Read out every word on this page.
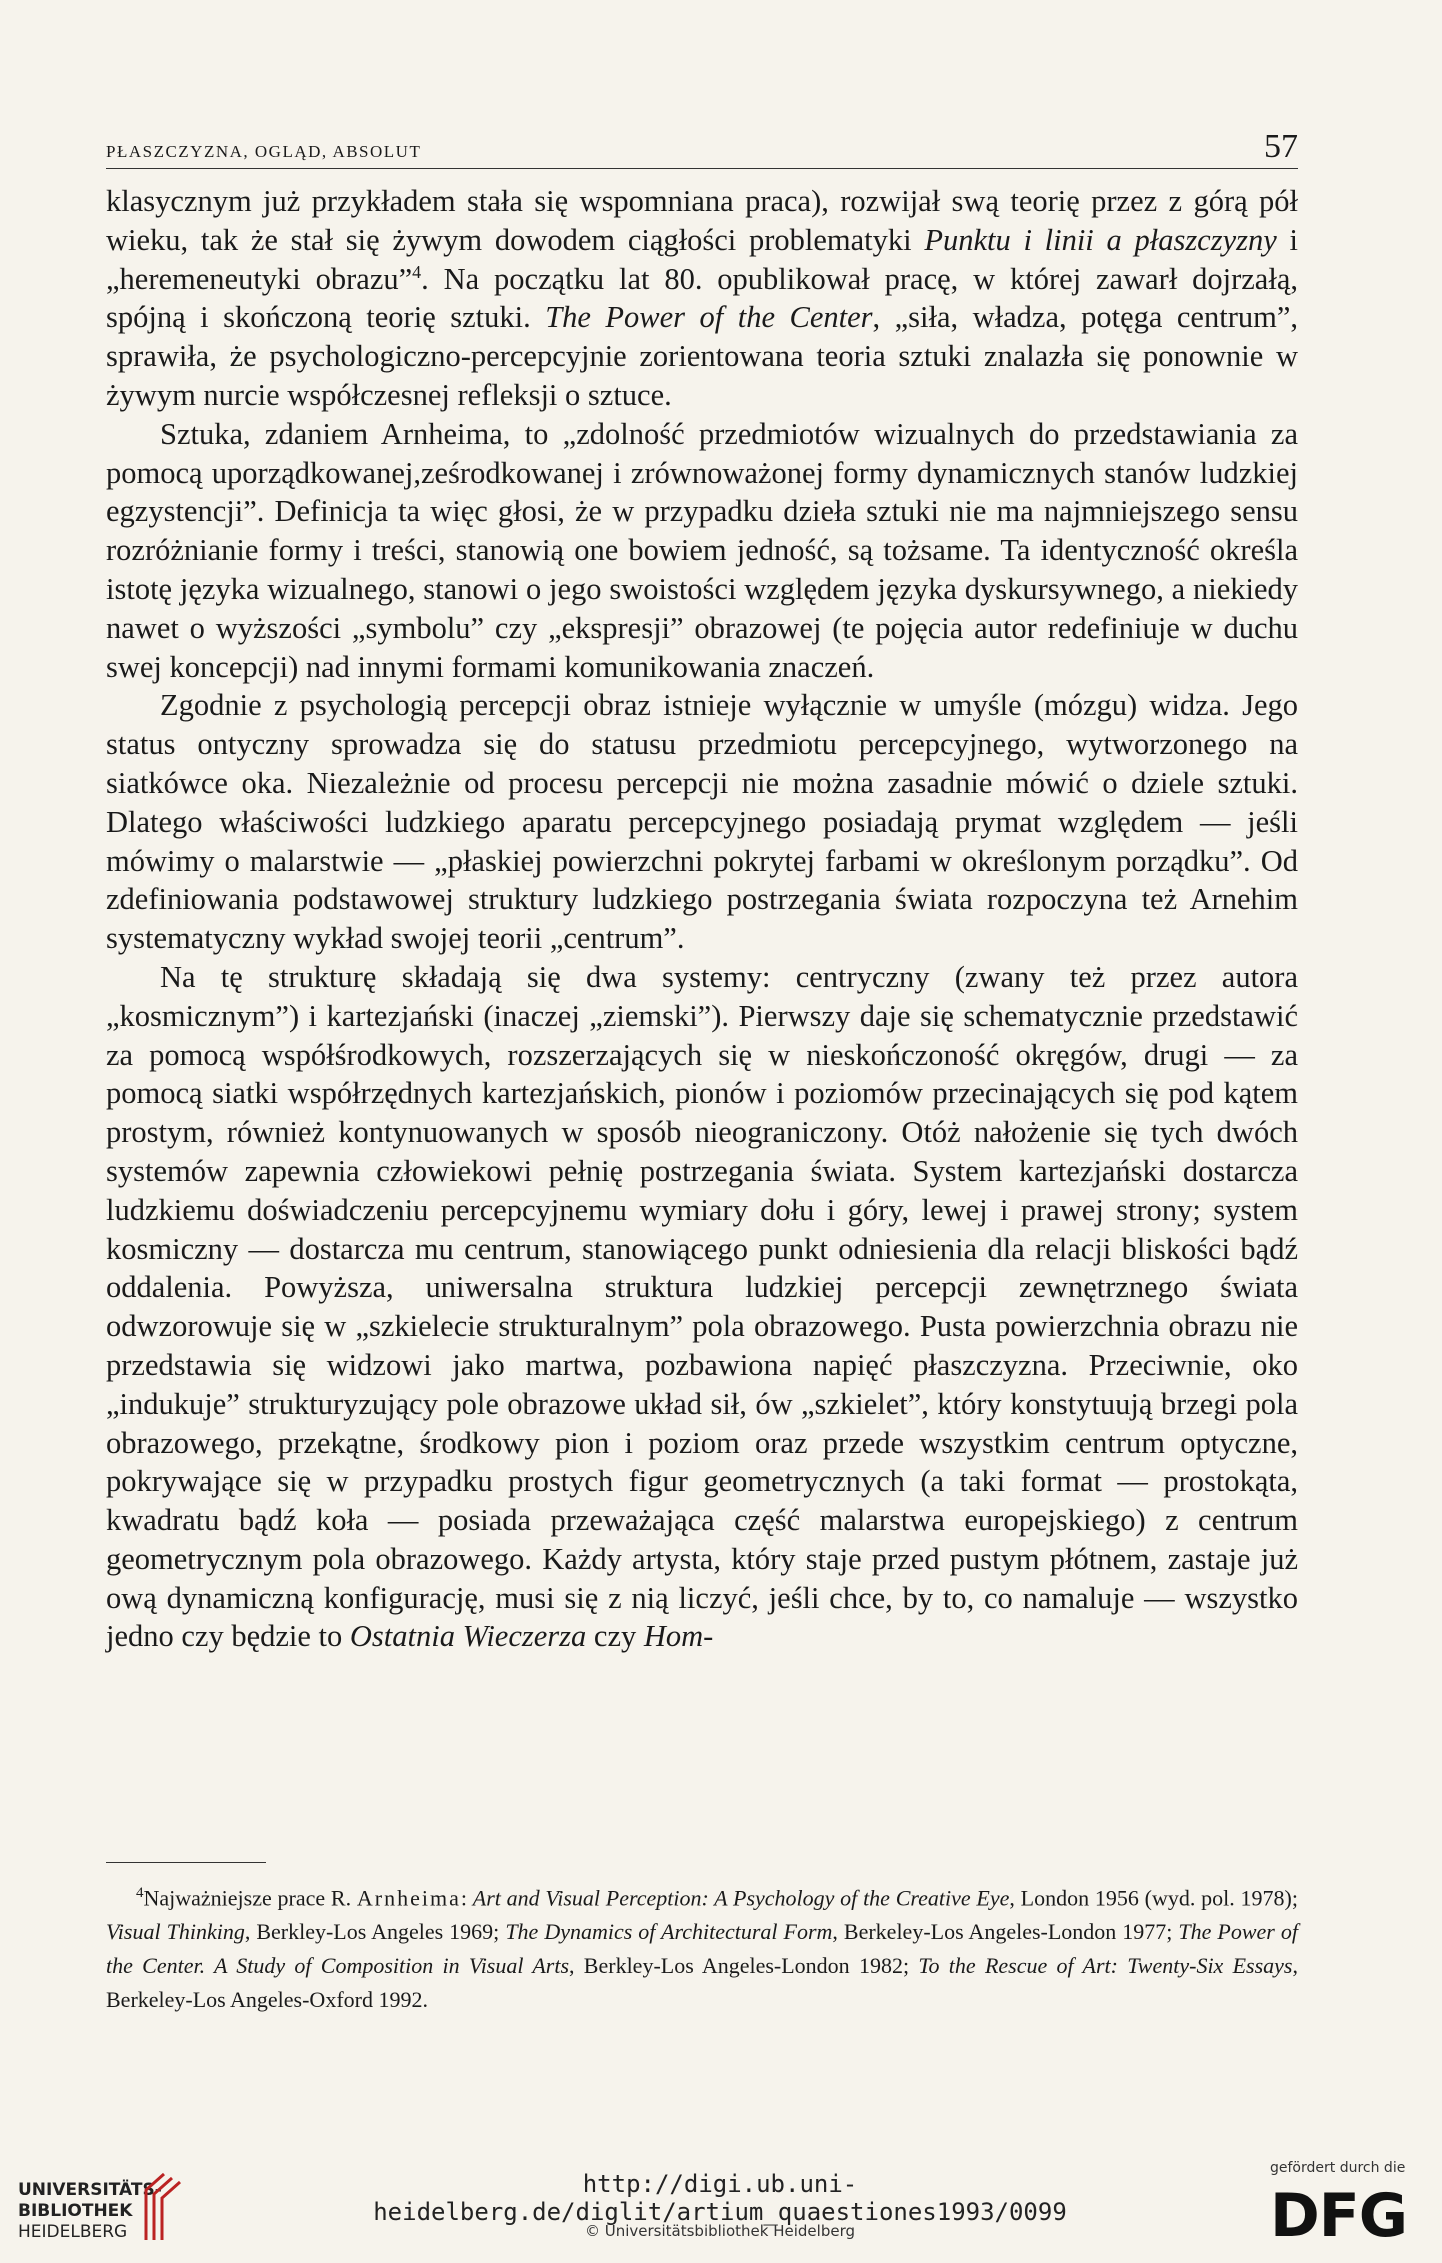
PŁASZCZYZNA, OGLĄD, ABSOLUT	57

klasycznym już przykładem stała się wspomniana praca), rozwijał swą teorię przez z górą pół wieku, tak że stał się żywym dowodem ciągłości problematyki Punktu i linii a płaszczyzny i „heremeneutyki obrazu”$^4$. Na początku lat 80. opublikował pracę, w której zawarł dojrzałą, spójną i skończoną teorię sztuki. The Power of the Center, „siła, władza, potęga centrum”, sprawiła, że psychologiczno-percepcyjnie zorientowana teoria sztuki znalazła się ponownie w żywym nurcie współczesnej refleksji o sztuce.

Sztuka, zdaniem Arnheima, to „zdolność przedmiotów wizualnych do przedstawiania za pomocą uporządkowanej,ześrodkowanej i zrównoważonej formy dynamicznych stanów ludzkiej egzystencji”. Definicja ta więc głosi, że w przypadku dzieła sztuki nie ma najmniejszego sensu rozróżnianie formy i treści, stanowią one bowiem jedność, są tożsame. Ta identyczność określa istotę języka wizualnego, stanowi o jego swoistości względem języka dyskursywnego, a niekiedy nawet o wyższości „symbolu” czy „ekspresji” obrazowej (te pojęcia autor redefiniuje w duchu swej koncepcji) nad innymi formami komunikowania znaczeń.

Zgodnie z psychologią percepcji obraz istnieje wyłącznie w umyśle (mózgu) widza. Jego status ontyczny sprowadza się do statusu przedmiotu percepcyjnego, wytworzonego na siatkówce oka. Niezależnie od procesu percepcji nie można zasadnie mówić o dziele sztuki. Dlatego właściwości ludzkiego aparatu percepcyjnego posiadają prymat względem — jeśli mówimy o malarstwie — „płaskiej powierzchni pokrytej farbami w określonym porządku”. Od zdefiniowania podstawowej struktury ludzkiego postrzegania świata rozpoczyna też Arnehim systematyczny wykład swojej teorii „centrum”.

Na tę strukturę składają się dwa systemy: centryczny (zwany też przez autora „kosmicznym”) i kartezjański (inaczej „ziemski”). Pierwszy daje się schematycznie przedstawić za pomocą współśrodkowych, rozszerzających się w nieskończoność okręgów, drugi — za pomocą siatki współrzędnych kartezjańskich, pionów i poziomów przecinających się pod kątem prostym, również kontynuowanych w sposób nieograniczony. Otóż nałożenie się tych dwóch systemów zapewnia człowiekowi pełnię postrzegania świata. System kartezjański dostarcza ludzkiemu doświadczeniu percepcyjnemu wymiary dołu i góry, lewej i prawej strony; system kosmiczny — dostarcza mu centrum, stanowiącego punkt odniesienia dla relacji bliskości bądź oddalenia. Powyższa, uniwersalna struktura ludzkiej percepcji zewnętrznego świata odwzorowuje się w „szkielecie strukturalnym” pola obrazowego. Pusta powierzchnia obrazu nie przedstawia się widzowi jako martwa, pozbawiona napięć płaszczyzna. Przeciwnie, oko „indukuje” strukturyzujący pole obrazowe układ sił, ów „szkielet”, który konstytuują brzegi pola obrazowego, przekątne, środkowy pion i poziom oraz przede wszystkim centrum optyczne, pokrywające się w przypadku prostych figur geometrycznych (a taki format — prostokąta, kwadratu bądź koła — posiada przeważająca część malarstwa europejskiego) z centrum geometrycznym pola obrazowego. Każdy artysta, który staje przed pustym płótnem, zastaje już ową dynamiczną konfigurację, musi się z nią liczyć, jeśli chce, by to, co namaluje — wszystko jedno czy będzie to Ostatnia Wieczerza czy Hom-

$^4$Najważniejsze prace R. Arnheima: Art and Visual Perception: A Psychology of the Creative Eye, London 1956 (wyd. pol. 1978); Visual Thinking, Berkley-Los Angeles 1969; The Dynamics of Architectural Form, Berkeley-Los Angeles-London 1977; The Power of the Center. A Study of Composition in Visual Arts, Berkley-Los Angeles-London 1982; To the Rescue of Art: Twenty-Six Essays, Berkeley-Los Angeles-Oxford 1992.

UNIVERSITÄTS-
BIBLIOTHEK
HEIDELBERG
http://digi.ub.uni-heidelberg.de/diglit/artium_quaestiones1993/0099
© Universitätsbibliothek Heidelberg
gefördert durch die
DFG
